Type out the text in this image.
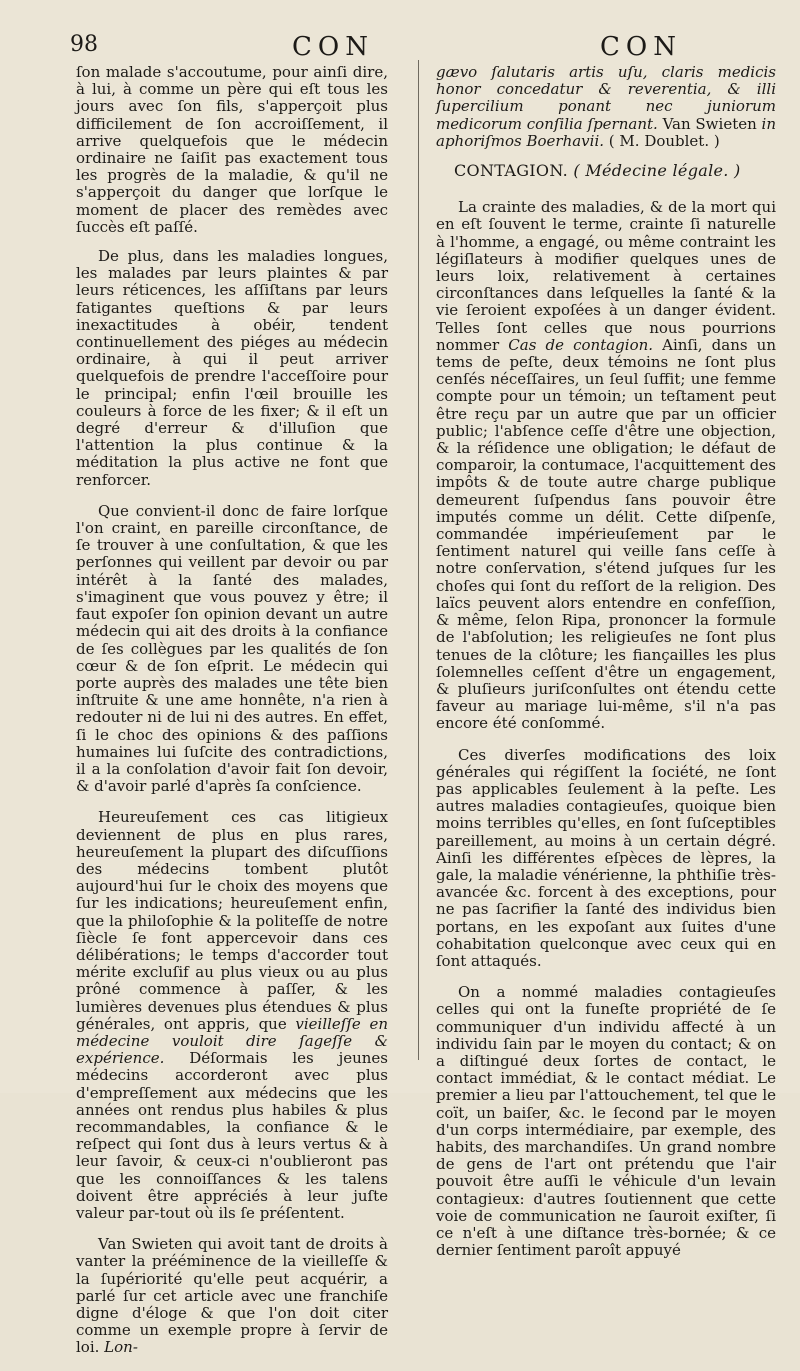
98	CON	CON

ſon malade s'accoutume, pour ainſi dire, à lui, à comme un père qui eſt tous les jours avec ſon fils, s'apperçoit plus difficilement de ſon accroiſſement, il arrive quelquefois que le médecin ordinaire ne ſaiſit pas exactement tous les progrès de la maladie, & qu'il ne s'apperçoit du danger que lorſque le moment de placer des remèdes avec ſuccès eſt paſſé.

De plus, dans les maladies longues, les malades par leurs plaintes & par leurs réticences, les aſſiſtans par leurs fatigantes queſtions & par leurs inexactitudes à obéir, tendent continuellement des piéges au médecin ordinaire, à qui il peut arriver quelquefois de prendre l'acceſſoire pour le principal; enfin l'œil brouille les couleurs à force de les fixer; & il eſt un degré d'erreur & d'illuſion que l'attention la plus continue & la méditation la plus active ne font que renforcer.

Que convient-il donc de faire lorſque l'on craint, en pareille circonſtance, de ſe trouver à une conſultation, & que les perſonnes qui veillent par devoir ou par intérêt à la ſanté des malades, s'imaginent que vous pouvez y être; il faut expoſer ſon opinion devant un autre médecin qui ait des droits à la confiance de ſes collègues par les qualités de ſon cœur & de ſon eſprit. Le médecin qui porte auprès des malades une tête bien inſtruite & une ame honnête, n'a rien à redouter ni de lui ni des autres. En effet, ſi le choc des opinions & des paſſions humaines lui ſuſcite des contradictions, il a la conſolation d'avoir fait ſon devoir, & d'avoir parlé d'après ſa conſcience.

Heureuſement ces cas litigieux deviennent de plus en plus rares, heureuſement la plupart des diſcuſſions des médecins tombent plutôt aujourd'hui ſur le choix des moyens que ſur les indications; heureuſement enfin, que la philoſophie & la politeſſe de notre ſiècle ſe font appercevoir dans ces délibérations; le temps d'accorder tout mérite excluſif au plus vieux ou au plus prôné commence à paſſer, & les lumières devenues plus étendues & plus générales, ont appris, que vieilleſſe en médecine vouloit dire ſageſſe & expérience. Déſormais les jeunes médecins accorderont avec plus d'empreſſement aux médecins que les années ont rendus plus habiles & plus recommandables, la confiance & le reſpect qui ſont dus à leurs vertus & à leur ſavoir, & ceux-ci n'oublieront pas que les connoiſſances & les talens doivent être appréciés à leur juſte valeur par-tout où ils ſe préſentent.

Van Swieten qui avoit tant de droits à vanter la prééminence de la vieilleſſe & la ſupériorité qu'elle peut acquérir, a parlé ſur cet article avec une franchiſe digne d'éloge & que l'on doit citer comme un exemple propre à ſervir de loi. Lon-

gævo ſalutaris artis uſu, claris medicis honor concedatur & reverentia, & illi ſupercilium ponant nec juniorum medicorum conſilia ſpernant. Van Swieten in aphoriſmos Boerhavii. ( M. Doublet. )

CONTAGION. ( Médecine légale. )

La crainte des maladies, & de la mort qui en eſt ſouvent le terme, crainte ſi naturelle à l'homme, a engagé, ou même contraint les légiſlateurs à modifier quelques unes de leurs loix, relativement à certaines circonſtances dans leſquelles la ſanté & la vie ſeroient expoſées à un danger évident. Telles ſont celles que nous pourrions nommer Cas de contagion. Ainſi, dans un tems de peſte, deux témoins ne ſont plus cenſés néceſſaires, un ſeul ſuffit; une femme compte pour un témoin; un teſtament peut être reçu par un autre que par un officier public; l'abſence ceſſe d'être une objection, & la réſidence une obligation; le défaut de comparoir, la contumace, l'acquittement des impôts & de toute autre charge publique demeurent ſuſpendus ſans pouvoir être imputés comme un délit. Cette diſpenſe, commandée impérieuſement par le ſentiment naturel qui veille ſans ceſſe à notre conſervation, s'étend juſques ſur les choſes qui ſont du reſſort de la religion. Des laïcs peuvent alors entendre en confeſſion, & même, ſelon Ripa, prononcer la formule de l'abſolution; les religieuſes ne ſont plus tenues de la clôture; les fiançailles les plus ſolemnelles ceſſent d'être un engagement, & pluſieurs juriſconſultes ont étendu cette faveur au mariage lui-même, s'il n'a pas encore été conſommé.

Ces diverſes modifications des loix générales qui régiſſent la ſociété, ne ſont pas applicables ſeulement à la peſte. Les autres maladies contagieuſes, quoique bien moins terribles qu'elles, en ſont ſuſceptibles pareillement, au moins à un certain dégré. Ainſi les différentes eſpèces de lèpres, la gale, la maladie vénérienne, la phthiſie très-avancée &c. forcent à des exceptions, pour ne pas ſacrifier la ſanté des individus bien portans, en les expoſant aux ſuites d'une cohabitation quelconque avec ceux qui en ſont attaqués.

On a nommé maladies contagieuſes celles qui ont la funeſte propriété de ſe communiquer d'un individu affecté à un individu ſain par le moyen du contact; & on a diſtingué deux ſortes de contact, le contact immédiat, & le contact médiat. Le premier a lieu par l'attouchement, tel que le coït, un baiſer, &c. le ſecond par le moyen d'un corps intermédiaire, par exemple, des habits, des marchandiſes. Un grand nombre de gens de l'art ont prétendu que l'air pouvoit être auſſi le véhicule d'un levain contagieux: d'autres ſoutiennent que cette voie de communication ne ſauroit exiſter, ſi ce n'eſt à une diſtance très-bornée; & ce dernier ſentiment paroît appuyé
